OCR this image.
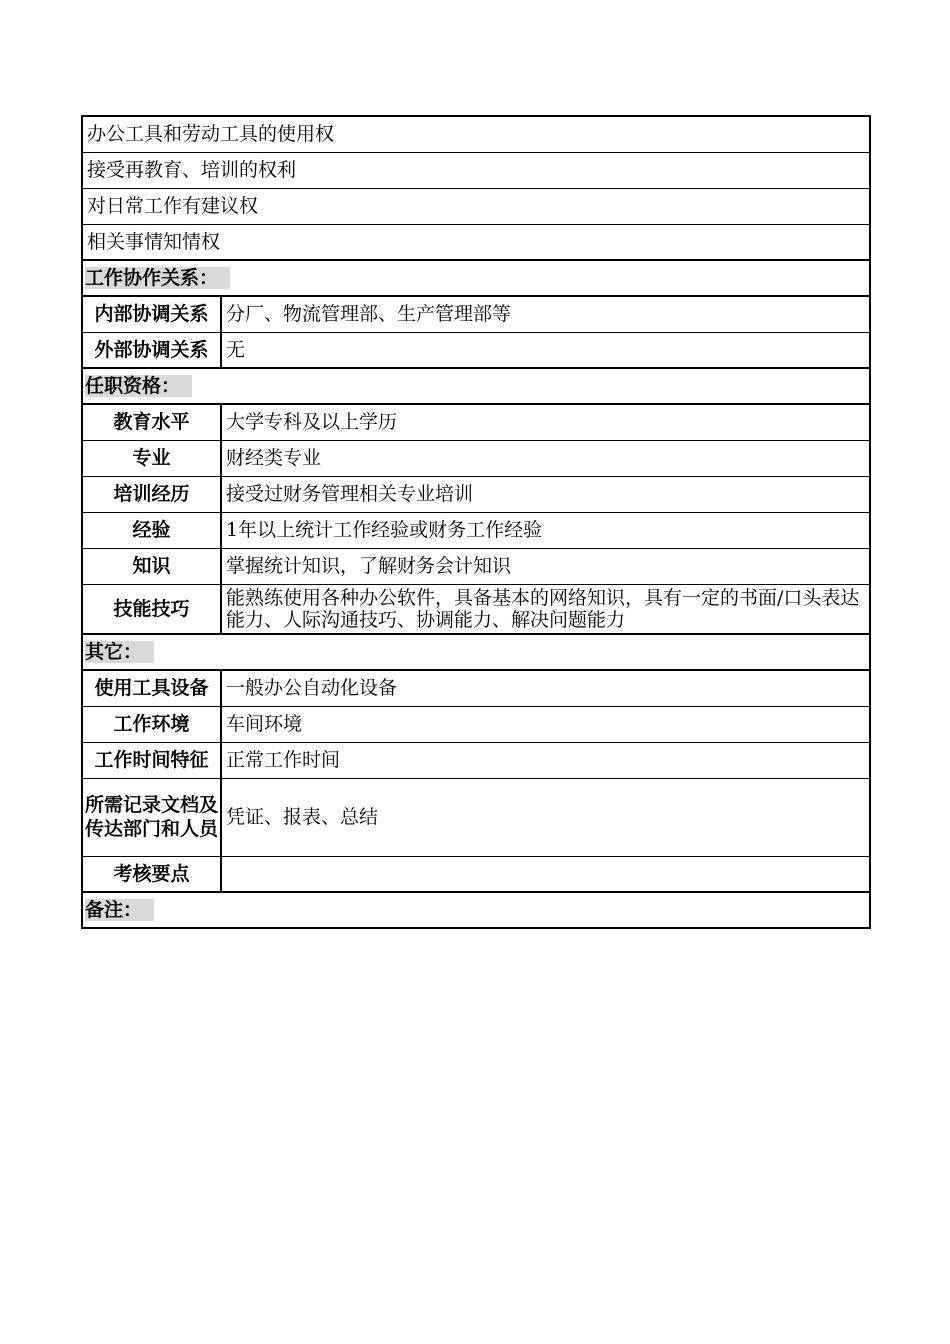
办公工具和劳动工具的使用权	
接受再教育、培训的权利	
对日常工作有建议权	
相关事情知情权	
工作协作关系：	
内部协调关系	分厂、物流管理部、生产管理部等
外部协调关系	无
任职资格：	
教育水平	大学专科及以上学历
专业	财经类专业
培训经历	接受过财务管理相关专业培训
经验	1年以上统计工作经验或财务工作经验
知识	掌握统计知识，了解财务会计知识
技能技巧	能熟练使用各种办公软件，具备基本的网络知识，具有一定的书面/口头表达能力、人际沟通技巧、协调能力、解决问题能力
其它：	
使用工具设备	一般办公自动化设备
工作环境	车间环境
工作时间特征	正常工作时间
所需记录文档及传达部门和人员	凭证、报表、总结
考核要点	
备注：	
